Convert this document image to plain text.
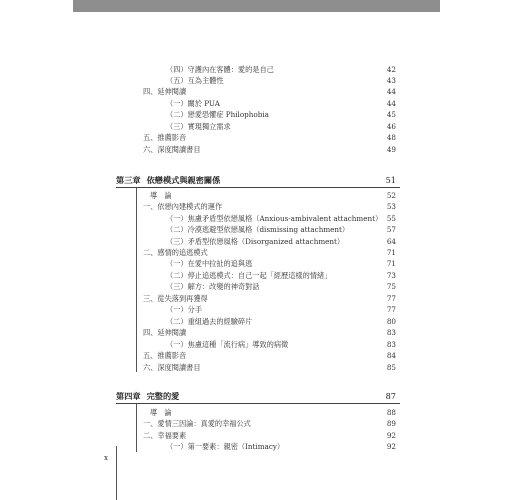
（四）守護內在客體：愛的是自己	42
（五）互為主體性	43
四、延伸閱讀	44
（一）關於 PUA	44
（二）戀愛恐懼症 Philophobia	45
（三）實現獨立需求	46
五、推薦影音	48
六、深度閱讀書目	49
第三章 依戀模式與親密關係	51
導　論	52
一、依戀內建模式的運作	53
（一）焦慮矛盾型依戀風格（Anxious-ambivalent attachment） 55
（二）冷漠逃避型依戀風格（dismissing attachment）	57
（三）矛盾型依戀風格（Disorganized attachment）	64
二、感情的追逃模式	71
（一）在愛中拉扯的追與逃	71
（二）停止追逃模式：自己一起「經歷這樣的情緒」	73
（三）解方：改變的神奇對話	75
三、從失落到再獲得	77
（一）分手	77
（二）重組過去的經驗碎片	80
四、延伸閱讀	83
（一）焦慮這種「流行病」導致的病徵	83
五、推薦影音	84
六、深度閱讀書目	85
第四章 完整的愛	87
導　論	88
一、愛情三因論：真愛的幸福公式	89
二、幸福要素	92
（一）第一要素：親密（Intimacy）	92
x
